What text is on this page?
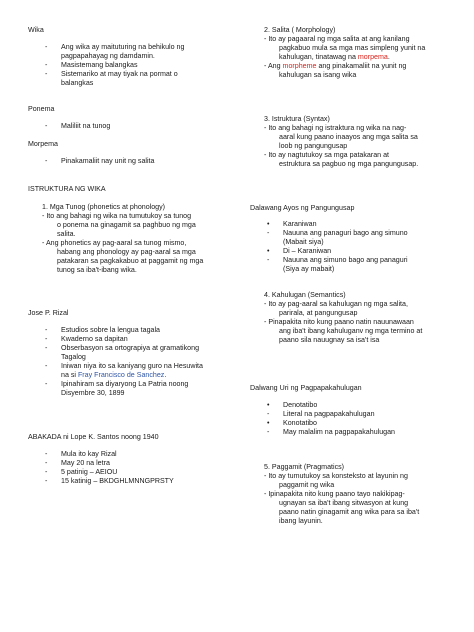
Wika
- Ang wika ay maituturing na behikulo ng
pagpapahayag ng damdamin.
- Masistemang balangkas
- Sistemariko at may tiyak na pormat o
balangkas
Ponema
- Maliliit na tunog
Morpema
- Pinakamaliit nay unit ng salita
ISTRUKTURA NG WIKA
1. Mga Tunog (phonetics at phonology)
- Ito ang bahagi ng wika na tumutukoy sa tunog
o ponema na ginagamit sa paghbuo ng mga
salita.
- Ang phonetics ay pag-aaral sa tunog mismo,
habang ang phonology ay pag-aaral sa mga
patakaran sa pagkakabuo at paggamit ng mga
tunog sa iba't-ibang wika.
Jose P. Rizal
- Estudios sobre la lengua tagala
- Kwaderno sa dapitan
- Obserbasyon sa ortograpiya at gramatikong
Tagalog
- Iniwan niya ito sa kaniyang guro na Hesuwita
na si Fray Francisco de Sanchez.
- Ipinahiram sa diyaryong La Patria noong
Disyembre 30, 1899
ABAKADA ni Lope K. Santos noong 1940
- Mula ito kay Rizal
- May 20 na letra
- 5 patinig – AEIOU
- 15 katinig – BKDGHLMNNGPRSTY
2. Salita ( Morphology)
- Ito ay pagaaral ng mga salita at ang kanilang
pagkabuo mula sa mga mas simpleng yunit na
kahulugan, tinatawag na morpema.
- Ang morpheme ang pinakamaliit na yunit ng
kahulugan sa isang wika
3. Istruktura (Syntax)
- Ito ang bahagi ng istraktura ng wika na nag-
aaral kung paano inaayos ang mga salita sa
loob ng pangungusap
- Ito ay nagtutukoy sa mga patakaran at
estruktura sa pagbuo ng mga pangungusap.
Dalawang Ayos ng Pangungusap
• Karaniwan
- Nauuna ang panaguri bago ang simuno
(Mabait siya)
• Di – Karaniwan
- Nauuna ang simuno bago ang panaguri
(Siya ay mabait)
4. Kahulugan (Semantics)
- Ito ay pag-aaral sa kahulugan ng mga salita,
parirala, at pangungusap
- Pinapakita nito kung paano natin nauunawaan
ang iba't ibang kahuluganv ng mga termino at
paano sila nauugnay sa isa't isa
Dalwang Uri ng Pagpapakahulugan
• Denotatibo
- Literal na pagpapakahulugan
• Konotatibo
- May malalim na pagpapakahulugan
5. Paggamit (Pragmatics)
- Ito ay tumutukoy sa konsteksto at layunin ng
paggamit ng wika
- Ipinapakita nito kung paano tayo nakikipag-
ugnayan sa iba't ibang sitwasyon at kung
paano natin ginagamit ang wika para sa iba't
ibang layunin.
